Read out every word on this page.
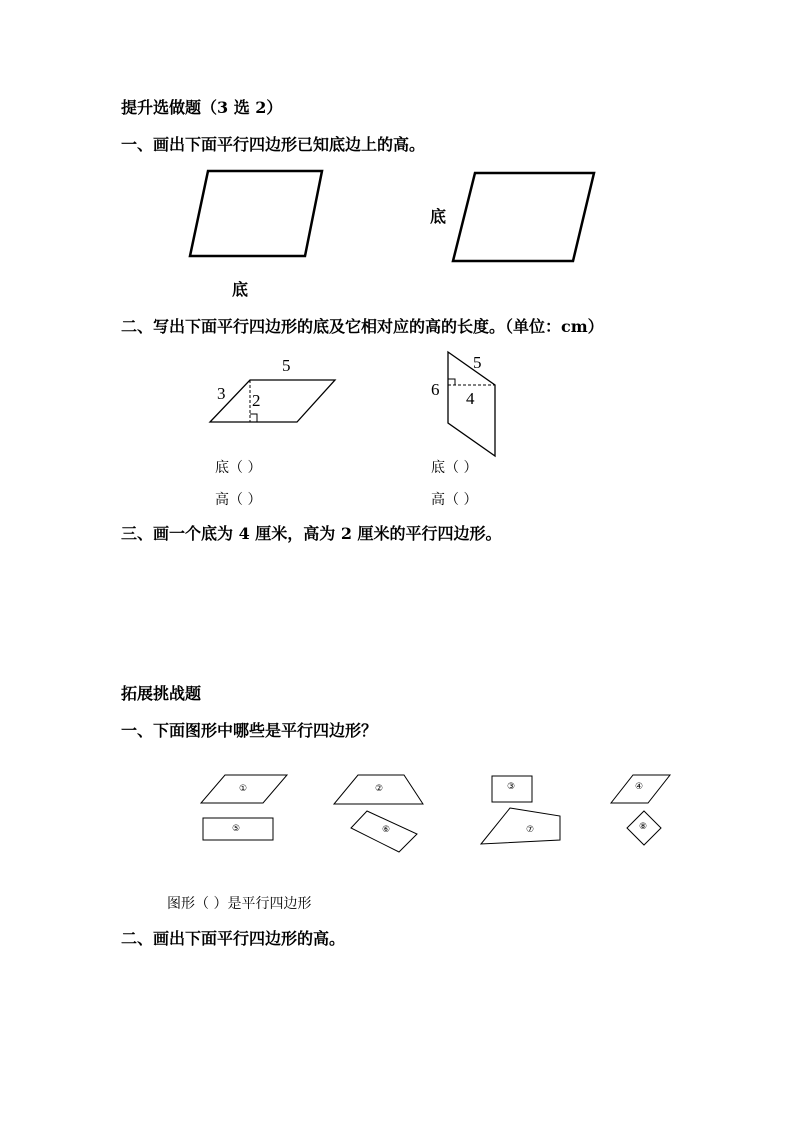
提升选做题（3 选 2）
一、画出下面平行四边形已知底边上的高。
底
底
二、写出下面平行四边形的底及它相对应的高的长度。（单位：cm）
5
3 2
5
6 4
底（ ）
高（ ）
底（ ）
高（ ）
三、画一个底为 4 厘米，高为 2 厘米的平行四边形。
拓展挑战题
一、下面图形中哪些是平行四边形？
①	②	③	④
⑤	⑥	⑦	⑧
图形（ ）是平行四边形
二、画出下面平行四边形的高。
